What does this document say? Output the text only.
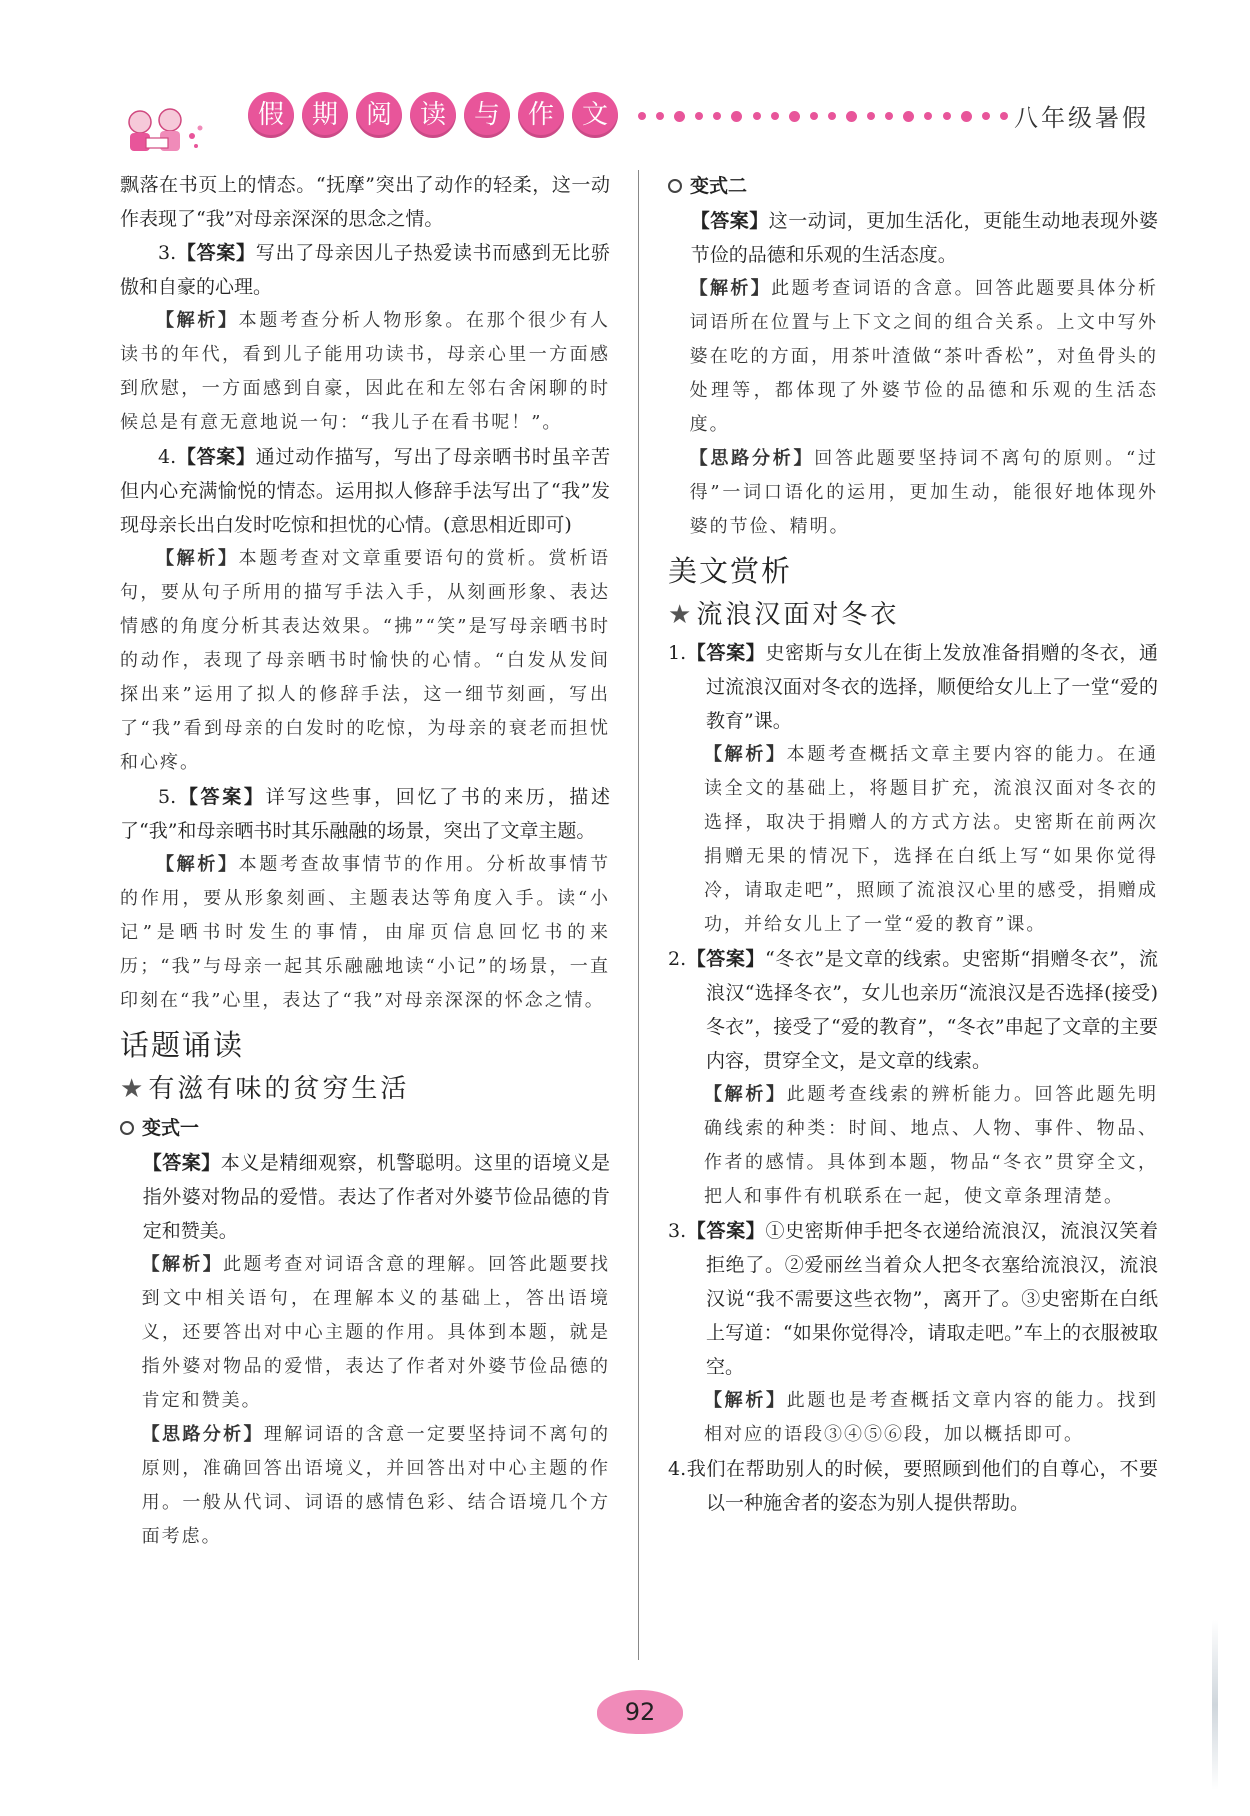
假	期	阅	读	与	作	文	八年级暑假

飘落在书页上的情态。“抚摩”突出了动作的轻柔，这一动作表现了“我”对母亲深深的思念之情。

3.【答案】写出了母亲因儿子热爱读书而感到无比骄傲和自豪的心理。

【解析】本题考查分析人物形象。在那个很少有人读书的年代，看到儿子能用功读书，母亲心里一方面感到欣慰，一方面感到自豪，因此在和左邻右舍闲聊的时候总是有意无意地说一句：“我儿子在看书呢！”。

4.【答案】通过动作描写，写出了母亲晒书时虽辛苦但内心充满愉悦的情态。运用拟人修辞手法写出了“我”发现母亲长出白发时吃惊和担忧的心情。(意思相近即可)

【解析】本题考查对文章重要语句的赏析。赏析语句，要从句子所用的描写手法入手，从刻画形象、表达情感的角度分析其表达效果。“拂”“笑”是写母亲晒书时的动作，表现了母亲晒书时愉快的心情。“白发从发间探出来”运用了拟人的修辞手法，这一细节刻画，写出了“我”看到母亲的白发时的吃惊，为母亲的衰老而担忧和心疼。

5.【答案】详写这些事，回忆了书的来历，描述了“我”和母亲晒书时其乐融融的场景，突出了文章主题。

【解析】本题考查故事情节的作用。分析故事情节的作用，要从形象刻画、主题表达等角度入手。读“小记”是晒书时发生的事情，由扉页信息回忆书的来历；“我”与母亲一起其乐融融地读“小记”的场景，一直印刻在“我”心里，表达了“我”对母亲深深的怀念之情。

话题诵读
★有滋有味的贫穷生活
变式一

【答案】本义是精细观察，机警聪明。这里的语境义是指外婆对物品的爱惜。表达了作者对外婆节俭品德的肯定和赞美。

【解析】此题考查对词语含意的理解。回答此题要找到文中相关语句，在理解本义的基础上，答出语境义，还要答出对中心主题的作用。具体到本题，就是指外婆对物品的爱惜，表达了作者对外婆节俭品德的肯定和赞美。

【思路分析】理解词语的含意一定要坚持词不离句的原则，准确回答出语境义，并回答出对中心主题的作用。一般从代词、词语的感情色彩、结合语境几个方面考虑。

变式二

【答案】这一动词，更加生活化，更能生动地表现外婆节俭的品德和乐观的生活态度。

【解析】此题考查词语的含意。回答此题要具体分析词语所在位置与上下文之间的组合关系。上文中写外婆在吃的方面，用茶叶渣做“茶叶香松”，对鱼骨头的处理等，都体现了外婆节俭的品德和乐观的生活态度。

【思路分析】回答此题要坚持词不离句的原则。“过得”一词口语化的运用，更加生动，能很好地体现外婆的节俭、精明。

美文赏析
★流浪汉面对冬衣

1.【答案】史密斯与女儿在街上发放准备捐赠的冬衣，通过流浪汉面对冬衣的选择，顺便给女儿上了一堂“爱的教育”课。

【解析】本题考查概括文章主要内容的能力。在通读全文的基础上，将题目扩充，流浪汉面对冬衣的选择，取决于捐赠人的方式方法。史密斯在前两次捐赠无果的情况下，选择在白纸上写“如果你觉得冷，请取走吧”，照顾了流浪汉心里的感受，捐赠成功，并给女儿上了一堂“爱的教育”课。

2.【答案】“冬衣”是文章的线索。史密斯“捐赠冬衣”，流浪汉“选择冬衣”，女儿也亲历“流浪汉是否选择(接受)冬衣”，接受了“爱的教育”，“冬衣”串起了文章的主要内容，贯穿全文，是文章的线索。

【解析】此题考查线索的辨析能力。回答此题先明确线索的种类：时间、地点、人物、事件、物品、作者的感情。具体到本题，物品“冬衣”贯穿全文，把人和事件有机联系在一起，使文章条理清楚。

3.【答案】①史密斯伸手把冬衣递给流浪汉，流浪汉笑着拒绝了。②爱丽丝当着众人把冬衣塞给流浪汉，流浪汉说“我不需要这些衣物”，离开了。③史密斯在白纸上写道：“如果你觉得冷，请取走吧。”车上的衣服被取空。

【解析】此题也是考查概括文章内容的能力。找到相对应的语段③④⑤⑥段，加以概括即可。

4.我们在帮助别人的时候，要照顾到他们的自尊心，不要以一种施舍者的姿态为别人提供帮助。

92
